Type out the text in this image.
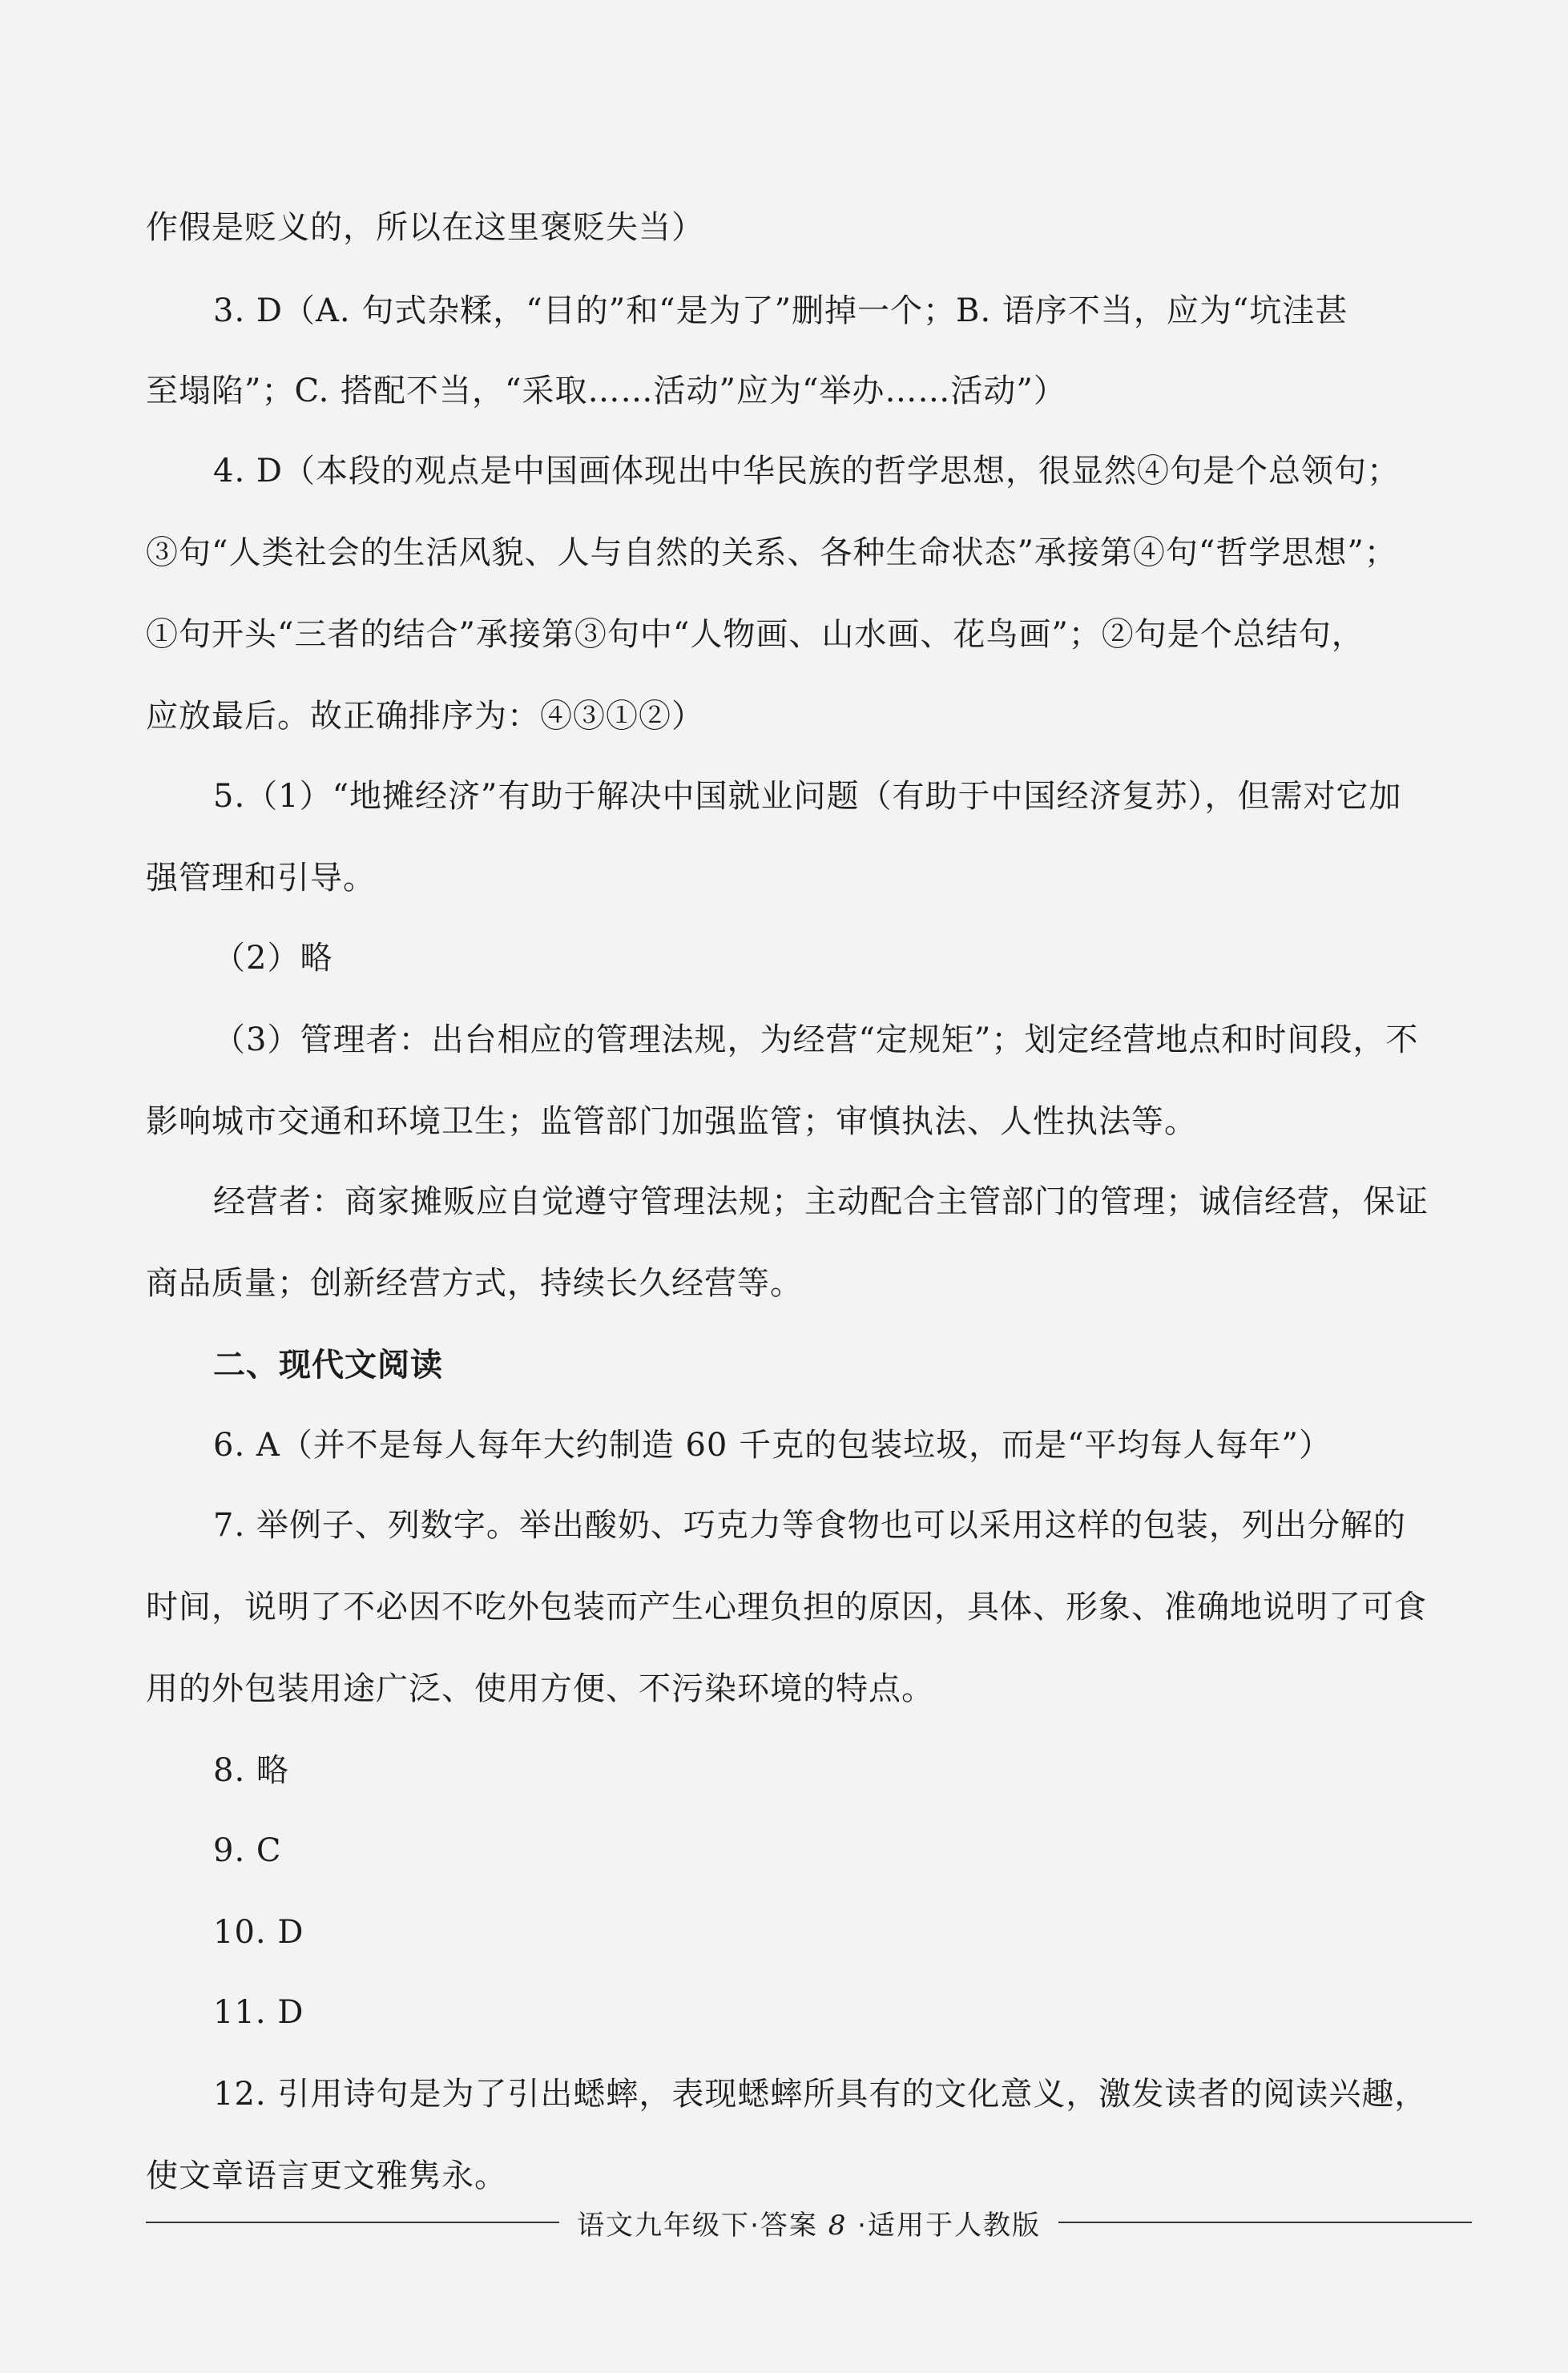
作假是贬义的，所以在这里褒贬失当）
3. D（A. 句式杂糅，“目的”和“是为了”删掉一个；B. 语序不当，应为“坑洼甚
至塌陷”；C. 搭配不当，“采取……活动”应为“举办……活动”）
4. D（本段的观点是中国画体现出中华民族的哲学思想，很显然④句是个总领句；
③句“人类社会的生活风貌、人与自然的关系、各种生命状态”承接第④句“哲学思想”；
①句开头“三者的结合”承接第③句中“人物画、山水画、花鸟画”；②句是个总结句，
应放最后。故正确排序为：④③①②）
5.（1）“地摊经济”有助于解决中国就业问题（有助于中国经济复苏），但需对它加
强管理和引导。
（2）略
（3）管理者：出台相应的管理法规，为经营“定规矩”；划定经营地点和时间段，不
影响城市交通和环境卫生；监管部门加强监管；审慎执法、人性执法等。
经营者：商家摊贩应自觉遵守管理法规；主动配合主管部门的管理；诚信经营，保证
商品质量；创新经营方式，持续长久经营等。
二、现代文阅读
6. A（并不是每人每年大约制造 60 千克的包装垃圾，而是“平均每人每年”）
7. 举例子、列数字。举出酸奶、巧克力等食物也可以采用这样的包装，列出分解的
时间，说明了不必因不吃外包装而产生心理负担的原因，具体、形象、准确地说明了可食
用的外包装用途广泛、使用方便、不污染环境的特点。
8. 略
9. C
10. D
11. D
12. 引用诗句是为了引出蟋蟀，表现蟋蟀所具有的文化意义，激发读者的阅读兴趣，
使文章语言更文雅隽永。
语文九年级下·答案 8 ·适用于人教版
